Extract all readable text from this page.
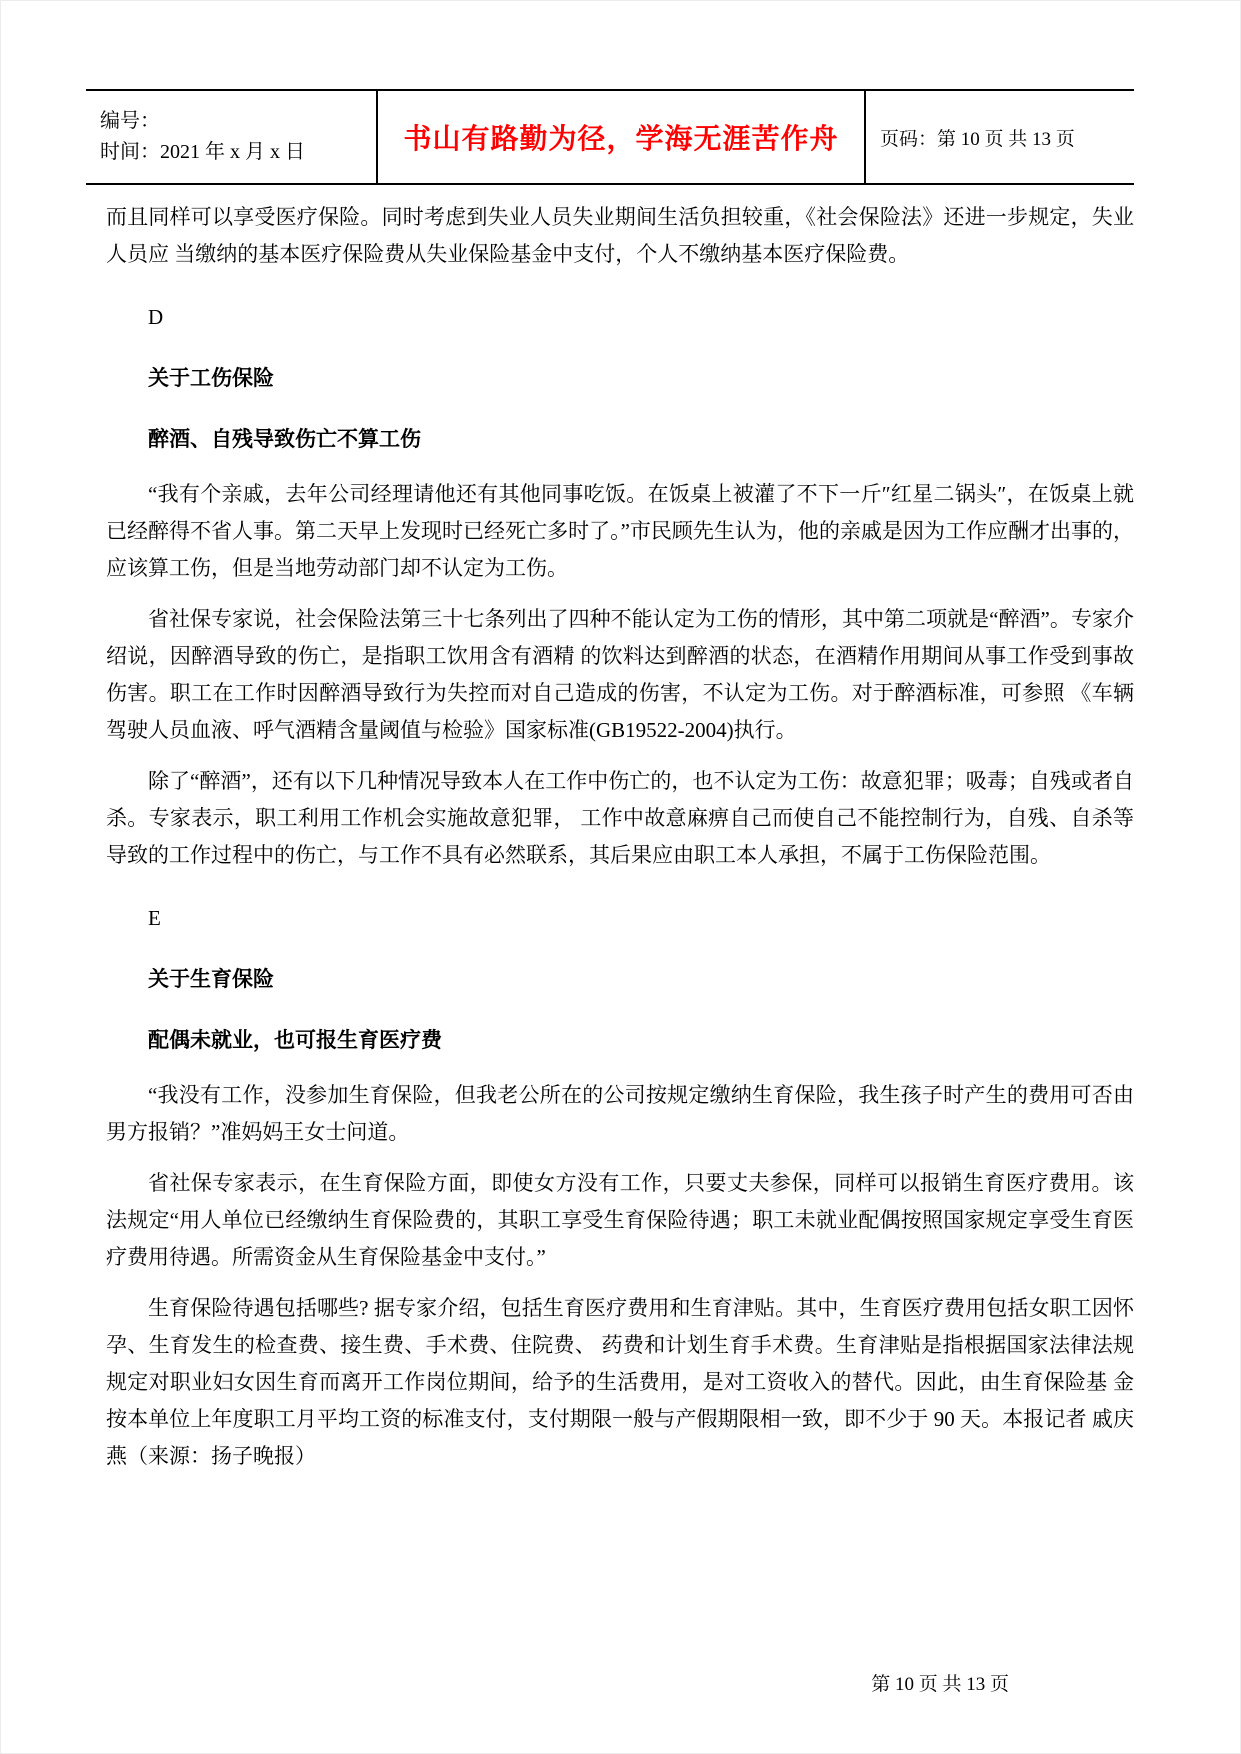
编号：
时间：2021 年 x 月 x 日	书山有路勤为径，学海无涯苦作舟 页码：第 10 页 共 13 页

而且同样可以享受医疗保险。同时考虑到失业人员失业期间生活负担较重，《社会保险法》还进一步规定，失业人员应 当缴纳的基本医疗保险费从失业保险基金中支付，个人不缴纳基本医疗保险费。

D

关于工伤保险

醉酒、自残导致伤亡不算工伤

“我有个亲戚，去年公司经理请他还有其他同事吃饭。在饭桌上被灌了不下一斤″红星二锅头″，在饭桌上就已经醉得不省人事。第二天早上发现时已经死亡多时了。”市民顾先生认为，他的亲戚是因为工作应酬才出事的，应该算工伤，但是当地劳动部门却不认定为工伤。

省社保专家说，社会保险法第三十七条列出了四种不能认定为工伤的情形，其中第二项就是“醉酒”。专家介绍说，因醉酒导致的伤亡，是指职工饮用含有酒精 的饮料达到醉酒的状态，在酒精作用期间从事工作受到事故伤害。职工在工作时因醉酒导致行为失控而对自己造成的伤害，不认定为工伤。对于醉酒标准，可参照 《车辆驾驶人员血液、呼气酒精含量阈值与检验》国家标准(GB19522-2004)执行。

除了“醉酒”，还有以下几种情况导致本人在工作中伤亡的，也不认定为工伤：故意犯罪；吸毒；自残或者自杀。专家表示，职工利用工作机会实施故意犯罪， 工作中故意麻痹自己而使自己不能控制行为，自残、自杀等导致的工作过程中的伤亡，与工作不具有必然联系，其后果应由职工本人承担，不属于工伤保险范围。

E

关于生育保险

配偶未就业，也可报生育医疗费

“我没有工作，没参加生育保险，但我老公所在的公司按规定缴纳生育保险，我生孩子时产生的费用可否由男方报销？”准妈妈王女士问道。

省社保专家表示，在生育保险方面，即使女方没有工作，只要丈夫参保，同样可以报销生育医疗费用。该法规定“用人单位已经缴纳生育保险费的，其职工享受生育保险待遇；职工未就业配偶按照国家规定享受生育医疗费用待遇。所需资金从生育保险基金中支付。”

生育保险待遇包括哪些? 据专家介绍，包括生育医疗费用和生育津贴。其中，生育医疗费用包括女职工因怀孕、生育发生的检查费、接生费、手术费、住院费、 药费和计划生育手术费。生育津贴是指根据国家法律法规规定对职业妇女因生育而离开工作岗位期间，给予的生活费用，是对工资收入的替代。因此，由生育保险基 金按本单位上年度职工月平均工资的标准支付，支付期限一般与产假期限相一致，即不少于 90 天。本报记者 戚庆燕（来源：扬子晚报）

第 10 页 共 13 页
